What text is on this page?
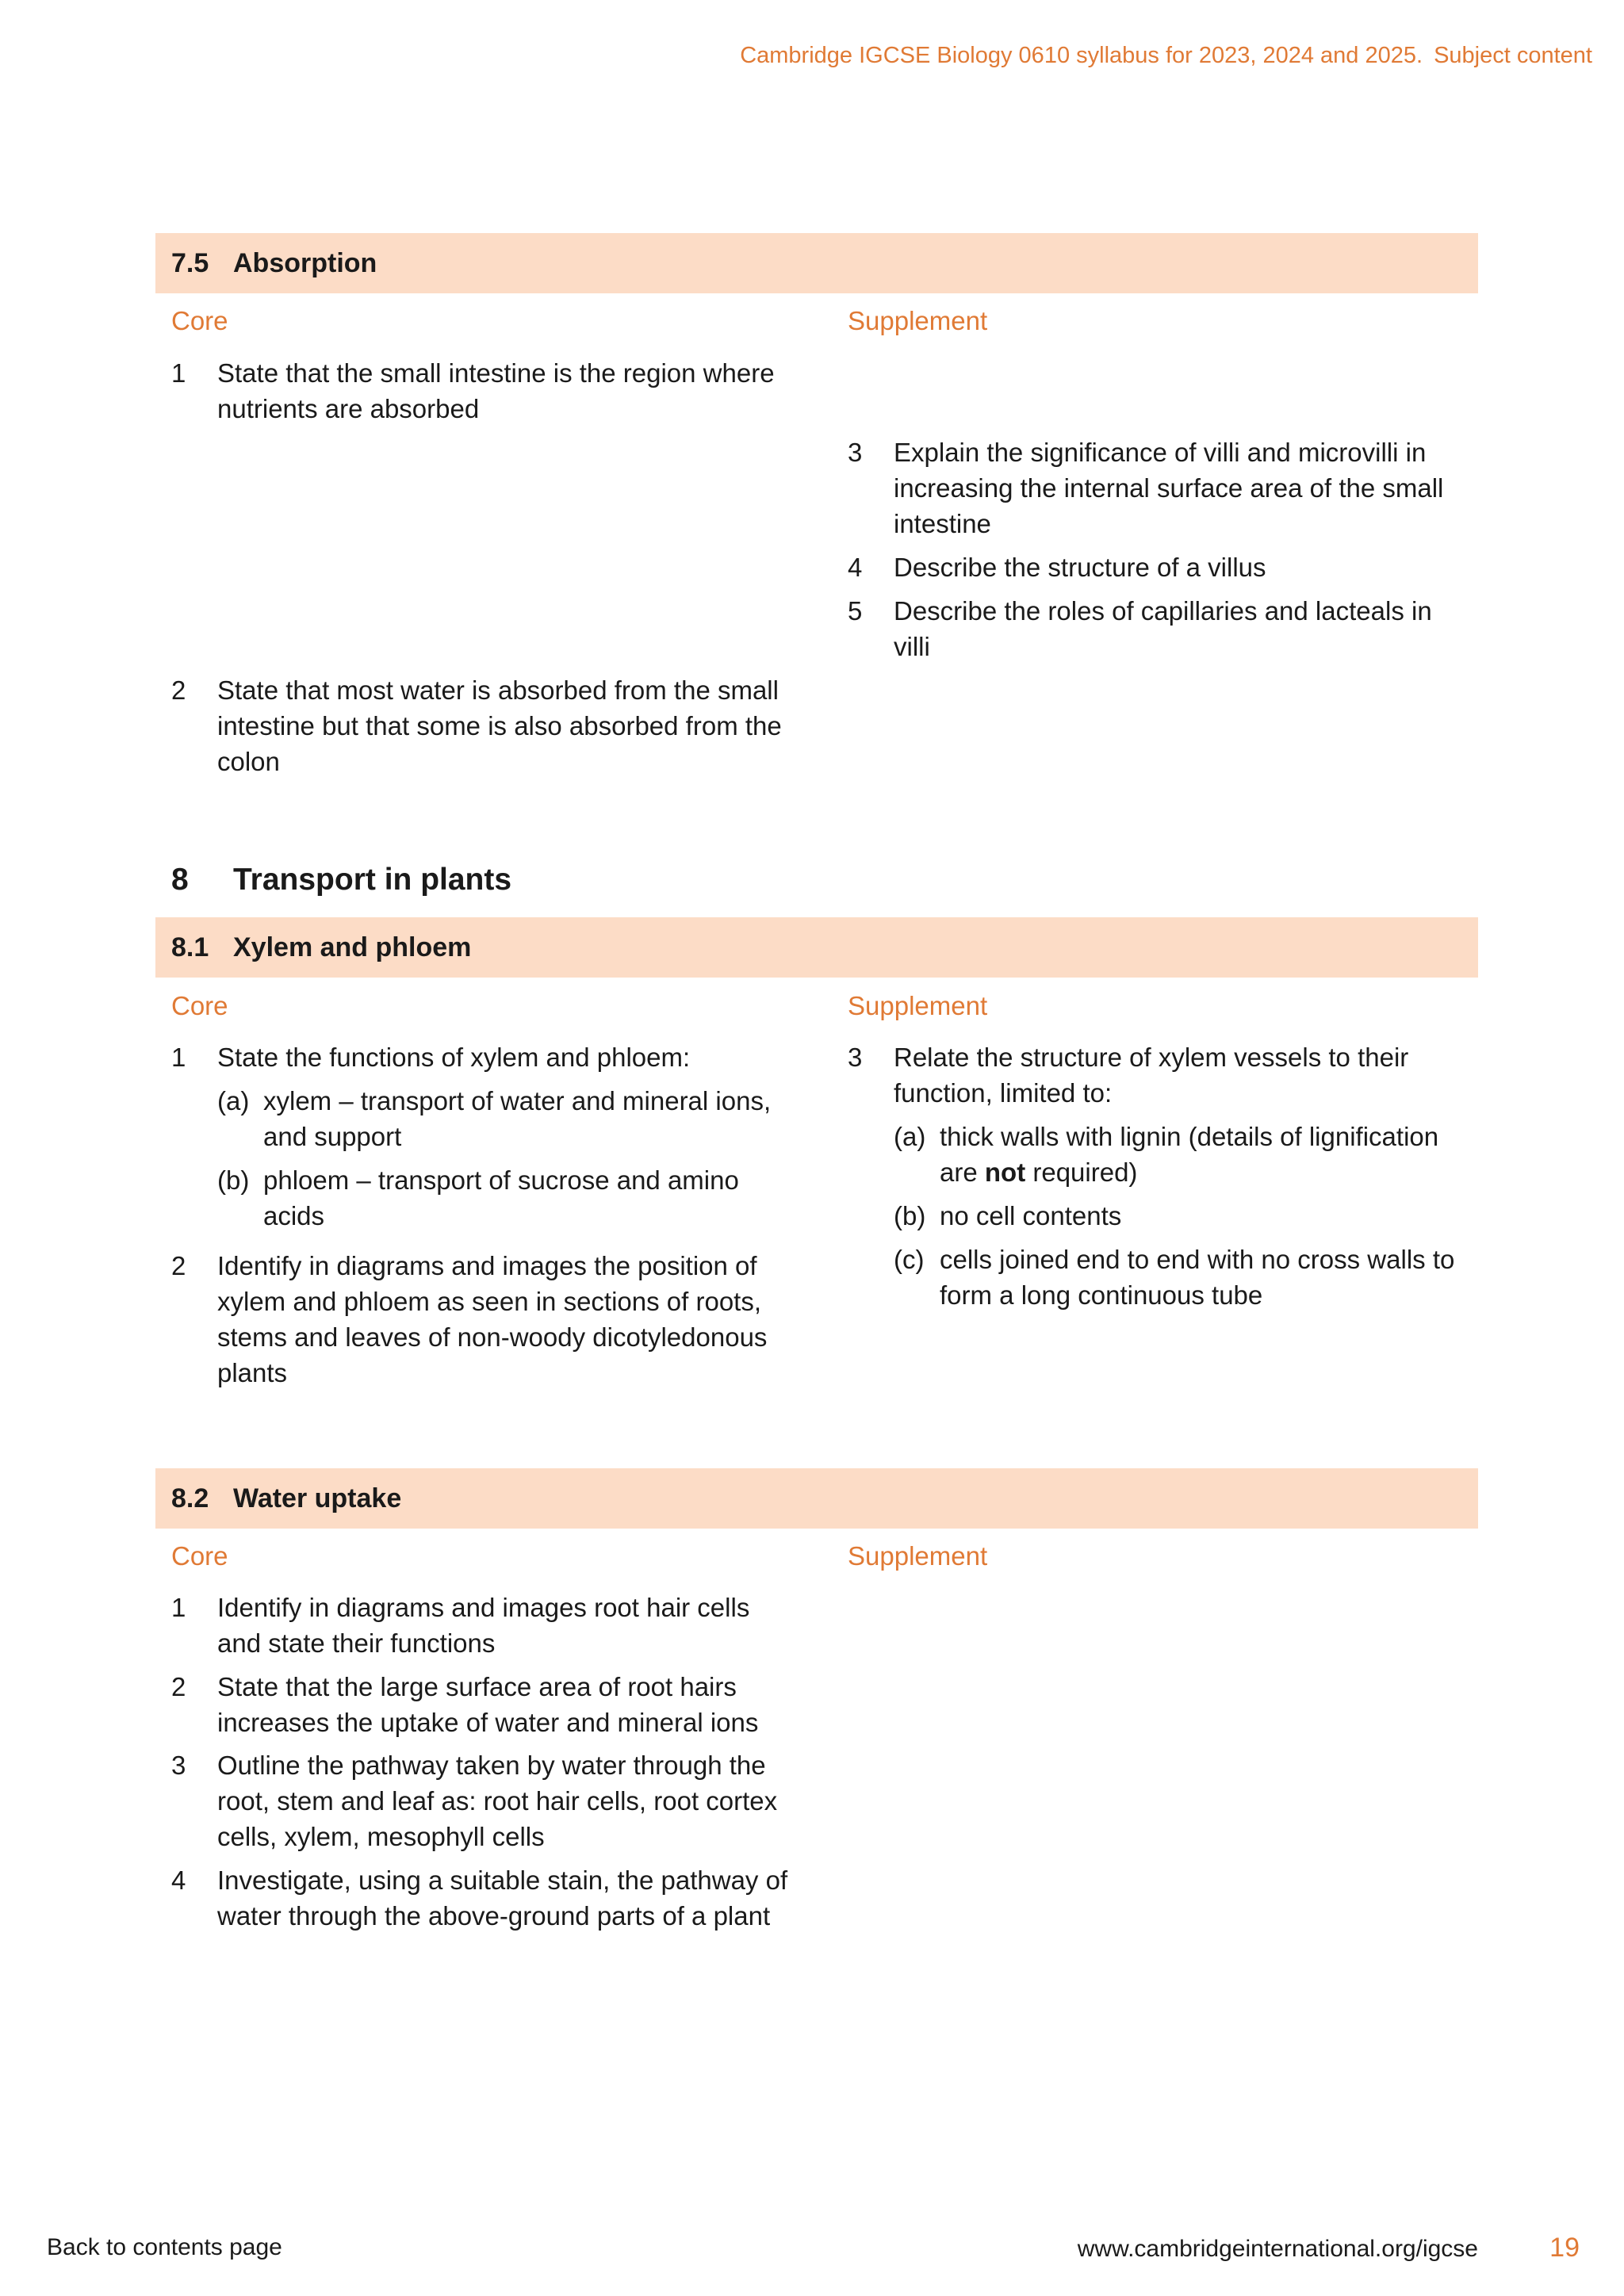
Cambridge IGCSE Biology 0610 syllabus for 2023, 2024 and 2025. Subject content
7.5 Absorption
Core	Supplement
1 State that the small intestine is the region where
nutrients are absorbed
2 State that most water is absorbed from the small
intestine but that some is also absorbed from the
colon
3 Explain the significance of villi and microvilli in
increasing the internal surface area of the small
intestine
4 Describe the structure of a villus
5 Describe the roles of capillaries and lacteals in
villi
8 Transport in plants
8.1 Xylem and phloem
Core	Supplement
1 State the functions of xylem and phloem:
(a) xylem – transport of water and mineral ions,
and support
(b) phloem – transport of sucrose and amino
acids
2 Identify in diagrams and images the position of
xylem and phloem as seen in sections of roots,
stems and leaves of non-woody dicotyledonous
plants
3 Relate the structure of xylem vessels to their
function, limited to:
(a) thick walls with lignin (details of lignification
are not required)
(b) no cell contents
(c) cells joined end to end with no cross walls to
form a long continuous tube
8.2 Water uptake
Core	Supplement
1 Identify in diagrams and images root hair cells
and state their functions
2 State that the large surface area of root hairs
increases the uptake of water and mineral ions
3 Outline the pathway taken by water through the
root, stem and leaf as: root hair cells, root cortex
cells, xylem, mesophyll cells
4 Investigate, using a suitable stain, the pathway of
water through the above-ground parts of a plant
Back to contents page	www.cambridgeinternational.org/igcse	19
